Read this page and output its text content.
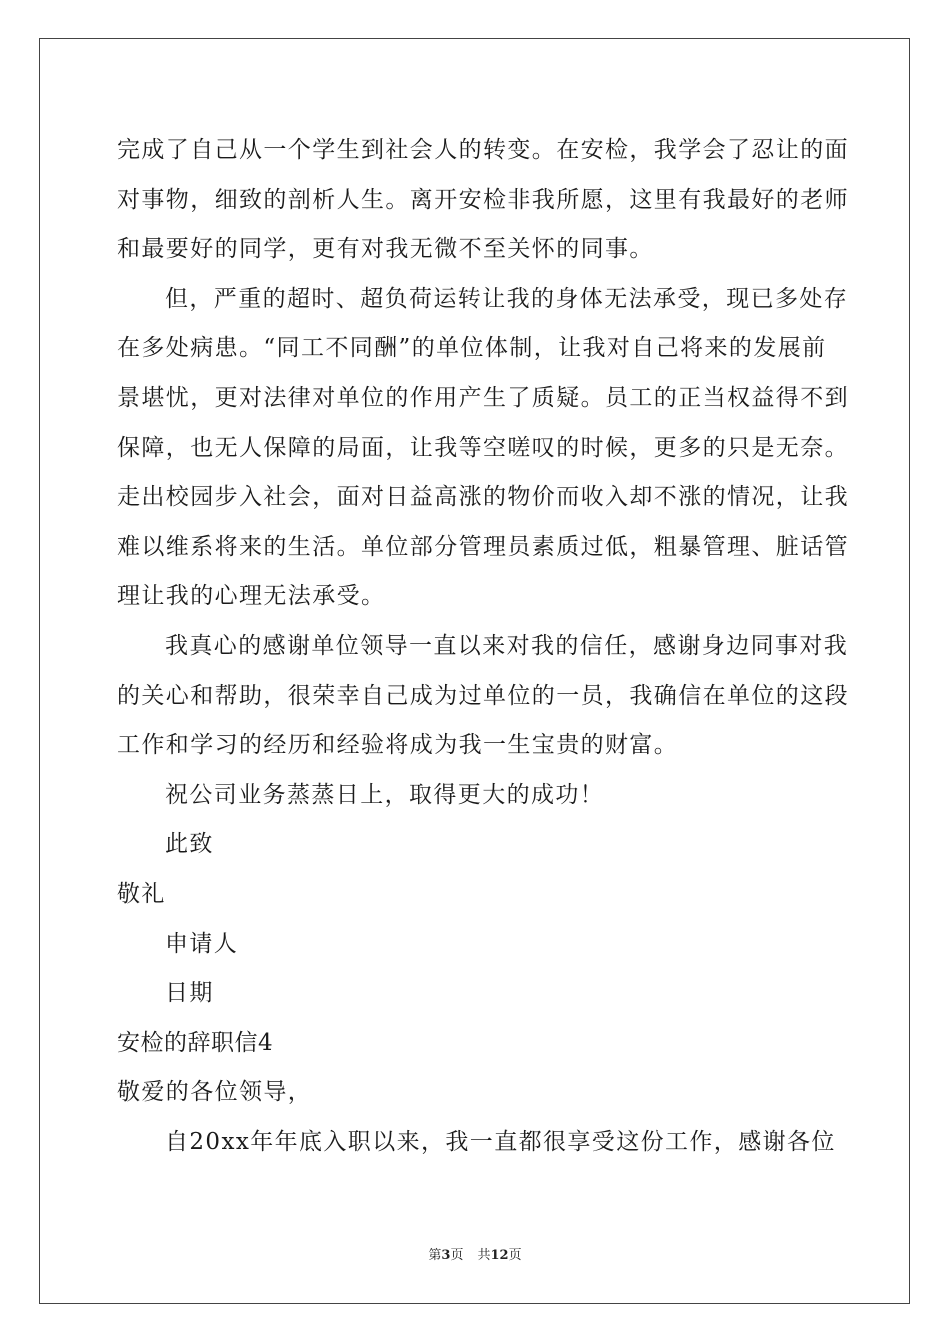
完成了自己从一个学生到社会人的转变。在安检，我学会了忍让的面
对事物，细致的剖析人生。离开安检非我所愿，这里有我最好的老师
和最要好的同学，更有对我无微不至关怀的同事。
但，严重的超时、超负荷运转让我的身体无法承受，现已多处存
在多处病患。“同工不同酬”的单位体制，让我对自己将来的发展前
景堪忧，更对法律对单位的作用产生了质疑。员工的正当权益得不到
保障，也无人保障的局面，让我等空嗟叹的时候，更多的只是无奈。
走出校园步入社会，面对日益高涨的物价而收入却不涨的情况，让我
难以维系将来的生活。单位部分管理员素质过低，粗暴管理、脏话管
理让我的心理无法承受。
我真心的感谢单位领导一直以来对我的信任，感谢身边同事对我
的关心和帮助，很荣幸自己成为过单位的一员，我确信在单位的这段
工作和学习的经历和经验将成为我一生宝贵的财富。
祝公司业务蒸蒸日上，取得更大的成功！
此致
敬礼
申请人
日期
安检的辞职信4
敬爱的各位领导，
自20xx年年底入职以来，我一直都很享受这份工作，感谢各位
第3页 共12页
